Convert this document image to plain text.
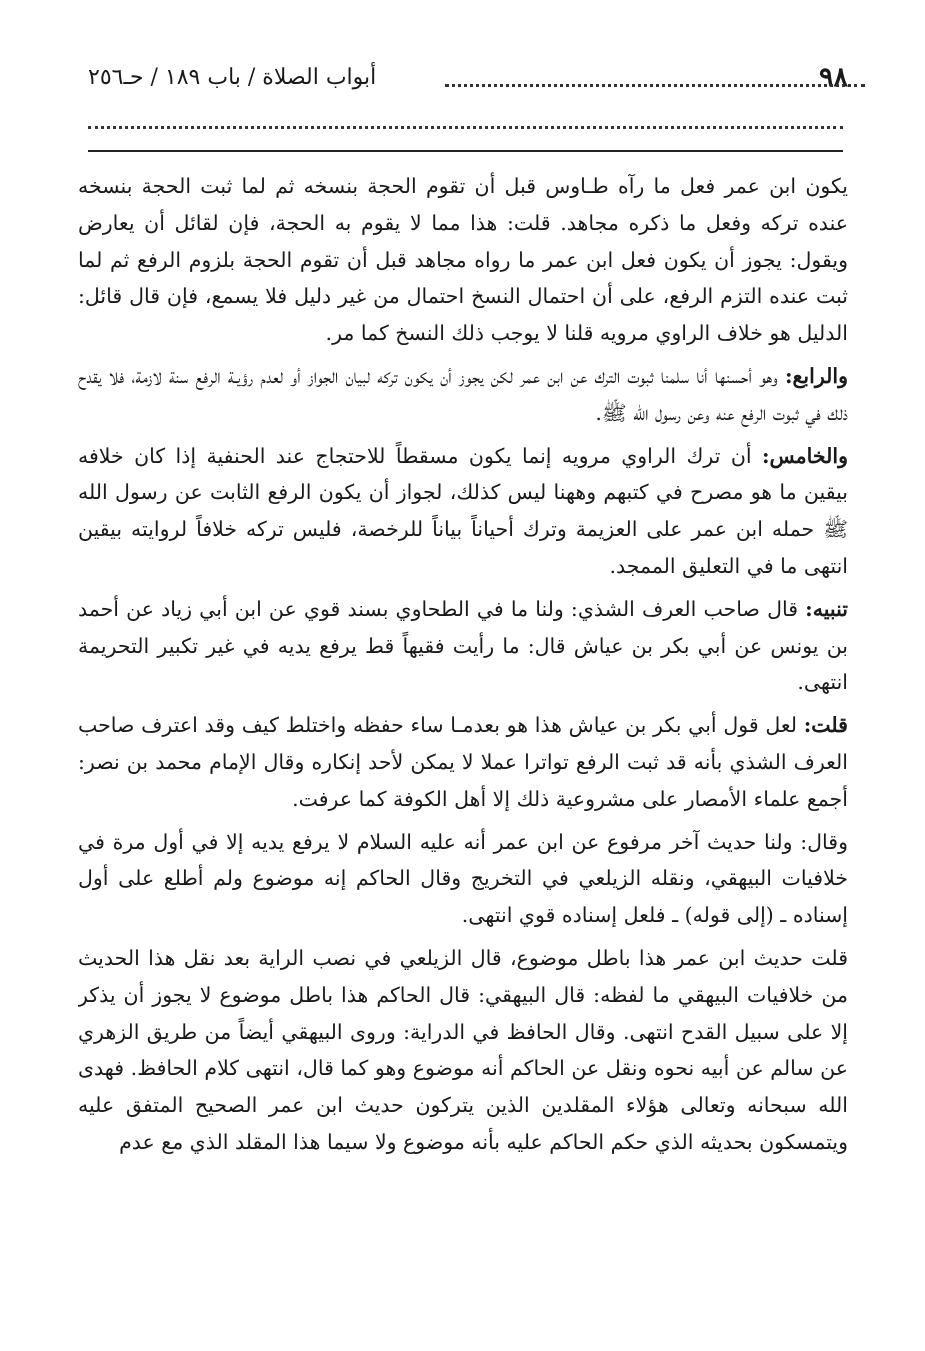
٩٨
أبواب الصلاة / باب ١٨٩ / حـ٢٥٦

يكون ابن عمر فعل ما رآه طـاوس قبل أن تقوم الحجة بنسخه ثم لما ثبت الحجة بنسخه عنده تركه وفعل ما ذكره مجاهد. قلت: هذا مما لا يقوم به الحجة، فإن لقائل أن يعارض ويقول: يجوز أن يكون فعل ابن عمر ما رواه مجاهد قبل أن تقوم الحجة بلزوم الرفع ثم لما ثبت عنده التزم الرفع، على أن احتمال النسخ احتمال من غير دليل فلا يسمع، فإن قال قائل: الدليل هو خلاف الراوي مرويه قلنا لا يوجب ذلك النسخ كما مر.

والرابع: وهو أحسنها أنا سلمنا ثبوت الترك عن ابن عمر لكن يجوز أن يكون تركه لبيان الجواز أو لعدم رؤيـة الرفع سنة لازمة، فلا يقدح ذلك في ثبوت الرفع عنه وعن رسول الله ﷺ.

والخامس: أن ترك الراوي مرويه إنما يكون مسقطاً للاحتجاج عند الحنفية إذا كان خلافه بيقين ما هو مصرح في كتبهم وههنا ليس كذلك، لجواز أن يكون الرفع الثابت عن رسول الله ﷺ حمله ابن عمر على العزيمة وترك أحياناً بياناً للرخصة، فليس تركه خلافاً لروايته بيقين انتهى ما في التعليق الممجد.

تنبيه: قال صاحب العرف الشذي: ولنا ما في الطحاوي بسند قوي عن ابن أبي زياد عن أحمد بن يونس عن أبي بكر بن عياش قال: ما رأيت فقيهاً قط يرفع يديه في غير تكبير التحريمة انتهى.

قلت: لعل قول أبي بكر بن عياش هذا هو بعدمـا ساء حفظه واختلط كيف وقد اعترف صاحب العرف الشذي بأنه قد ثبت الرفع تواترا عملا لا يمكن لأحد إنكاره وقال الإمام محمد بن نصر: أجمع علماء الأمصار على مشروعية ذلك إلا أهل الكوفة كما عرفت.

وقال: ولنا حديث آخر مرفوع عن ابن عمر أنه عليه السلام لا يرفع يديه إلا في أول مرة في خلافيات البيهقي، ونقله الزيلعي في التخريج وقال الحاكم إنه موضوع ولم أطلع على أول إسناده ـ (إلى قوله) ـ فلعل إسناده قوي انتهى.

قلت حديث ابن عمر هذا باطل موضوع، قال الزيلعي في نصب الراية بعد نقل هذا الحديث من خلافيات البيهقي ما لفظه: قال البيهقي: قال الحاكم هذا باطل موضوع لا يجوز أن يذكر إلا على سبيل القدح انتهى. وقال الحافظ في الدراية: وروى البيهقي أيضاً من طريق الزهري عن سالم عن أبيه نحوه ونقل عن الحاكم أنه موضوع وهو كما قال، انتهى كلام الحافظ. فهدى الله سبحانه وتعالى هؤلاء المقلدين الذين يتركون حديث ابن عمر الصحيح المتفق عليه ويتمسكون بحديثه الذي حكم الحاكم عليه بأنه موضوع ولا سيما هذا المقلد الذي مع عدم
